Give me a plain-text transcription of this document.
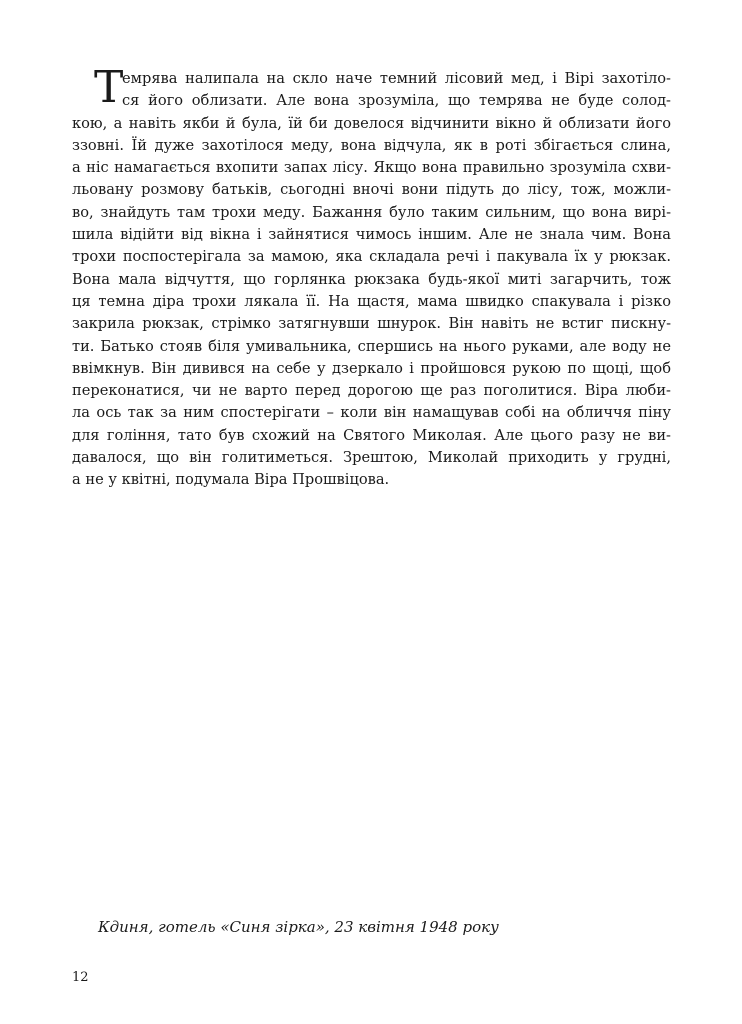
Т
емрява налипала на скло наче темний лісовий мед, і Вірі захотіло-
ся його облизати. Але вона зрозуміла, що темрява не буде солод-
кою, а навіть якби й була, їй би довелося відчинити вікно й облизати його
ззовні. Їй дуже захотілося меду, вона відчула, як в роті збігається слина,
а ніс намагається вхопити запах лісу. Якщо вона правильно зрозуміла схви-
льовану розмову батьків, сьогодні вночі вони підуть до лісу, тож, можли-
во, знайдуть там трохи меду. Бажання було таким сильним, що вона вирі-
шила відійти від вікна і зайнятися чимось іншим. Але не знала чим. Вона
трохи поспостерігала за мамою, яка складала речі і пакувала їх у рюкзак.
Вона мала відчуття, що горлянка рюкзака будь-якої миті загарчить, тож
ця темна діра трохи лякала її. На щастя, мама швидко спакувала і різко
закрила рюкзак, стрімко затягнувши шнурок. Він навіть не встиг пискну-
ти. Батько стояв біля умивальника, спершись на нього руками, але воду не
ввімкнув. Він дивився на себе у дзеркало і пройшовся рукою по щоці, щоб
переконатися, чи не варто перед дорогою ще раз поголитися. Віра люби-
ла ось так за ним спостерігати – коли він намащував собі на обличчя піну
для гоління, тато був схожий на Святого Миколая. Але цього разу не ви-
давалося, що він голитиметься. Зрештою, Миколай приходить у грудні,
а не у квітні, подумала Віра Прошвіцова.
Кдиня, готель «Синя зірка», 23 квітня 1948 року
12
